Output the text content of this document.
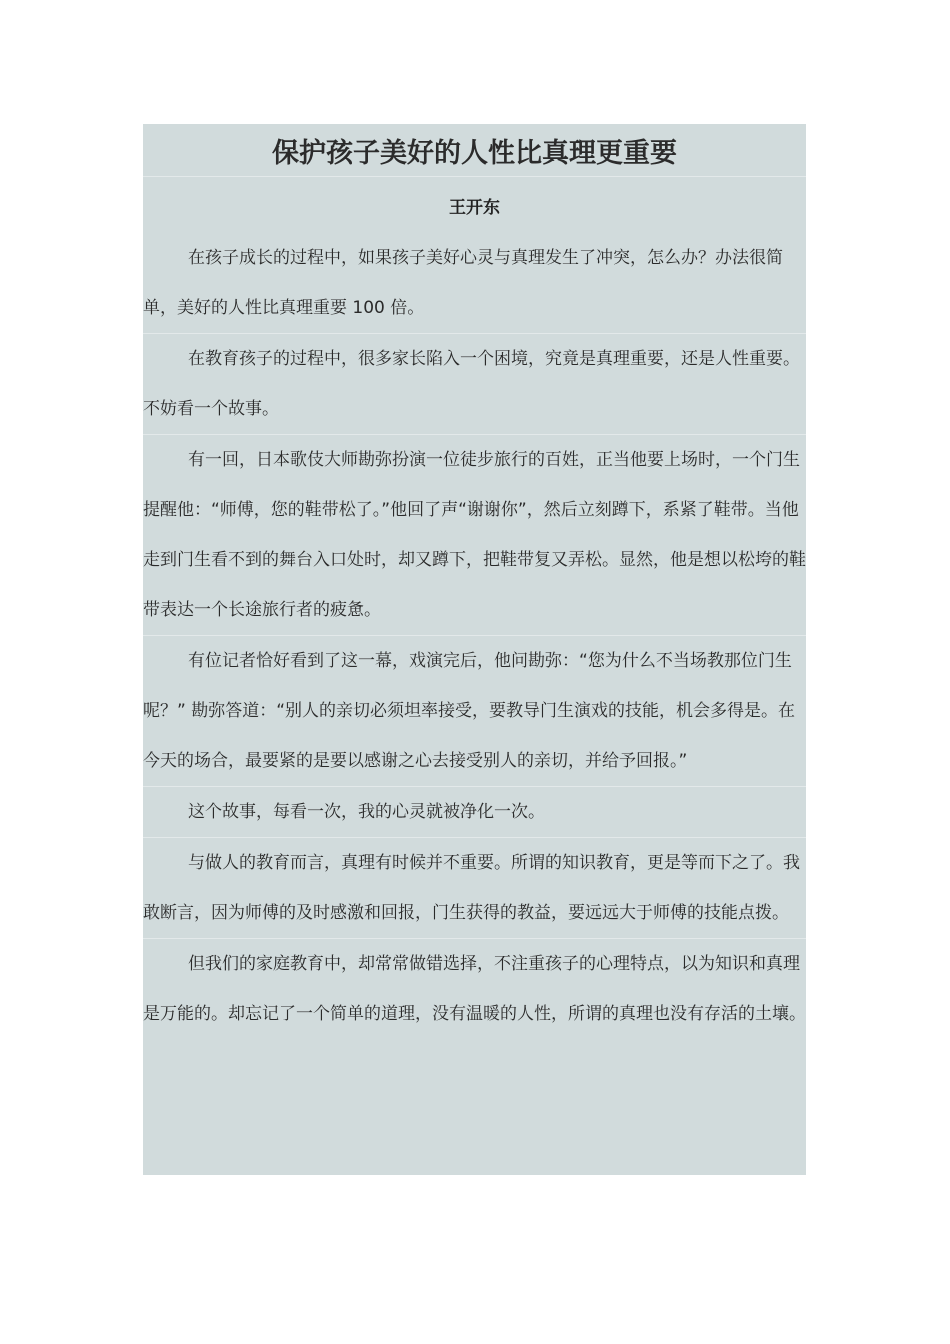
保护孩子美好的人性比真理更重要
王开东

在孩子成长的过程中，如果孩子美好心灵与真理发生了冲突，怎么办？办法很简单，美好的人性比真理重要 100 倍。

在教育孩子的过程中，很多家长陷入一个困境，究竟是真理重要，还是人性重要。不妨看一个故事。

有一回，日本歌伎大师勘弥扮演一位徒步旅行的百姓，正当他要上场时，一个门生提醒他：“师傅，您的鞋带松了。”他回了声“谢谢你”，然后立刻蹲下，系紧了鞋带。当他走到门生看不到的舞台入口处时，却又蹲下，把鞋带复又弄松。显然，他是想以松垮的鞋带表达一个长途旅行者的疲惫。

有位记者恰好看到了这一幕，戏演完后，他问勘弥：“您为什么不当场教那位门生呢？” 勘弥答道：“别人的亲切必须坦率接受，要教导门生演戏的技能，机会多得是。在今天的场合，最要紧的是要以感谢之心去接受别人的亲切，并给予回报。”

这个故事，每看一次，我的心灵就被净化一次。

与做人的教育而言，真理有时候并不重要。所谓的知识教育，更是等而下之了。我敢断言，因为师傅的及时感激和回报，门生获得的教益，要远远大于师傅的技能点拨。

但我们的家庭教育中，却常常做错选择，不注重孩子的心理特点，以为知识和真理是万能的。却忘记了一个简单的道理，没有温暖的人性，所谓的真理也没有存活的土壤。
